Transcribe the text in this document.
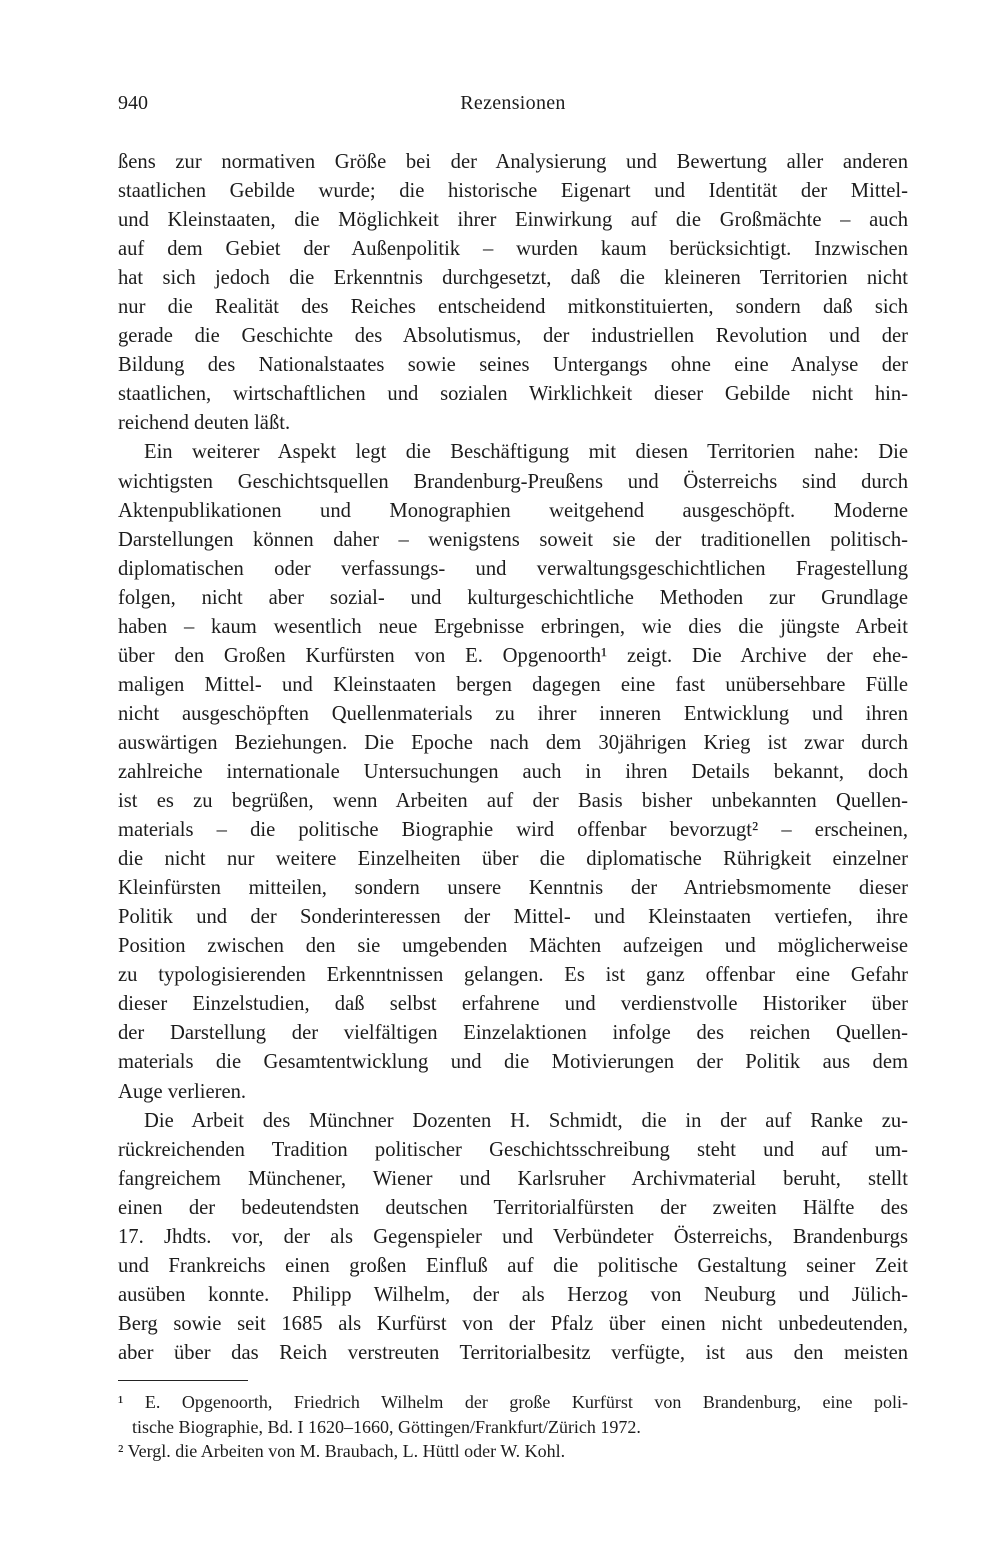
940	Rezensionen
ßens zur normativen Größe bei der Analysierung und Bewertung aller anderen
staatlichen Gebilde wurde; die historische Eigenart und Identität der Mittel-
und Kleinstaaten, die Möglichkeit ihrer Einwirkung auf die Großmächte – auch
auf dem Gebiet der Außenpolitik – wurden kaum berücksichtigt. Inzwischen
hat sich jedoch die Erkenntnis durchgesetzt, daß die kleineren Territorien nicht
nur die Realität des Reiches entscheidend mitkonstituierten, sondern daß sich
gerade die Geschichte des Absolutismus, der industriellen Revolution und der
Bildung des Nationalstaates sowie seines Untergangs ohne eine Analyse der
staatlichen, wirtschaftlichen und sozialen Wirklichkeit dieser Gebilde nicht hin-
reichend deuten läßt.
Ein weiterer Aspekt legt die Beschäftigung mit diesen Territorien nahe: Die
wichtigsten Geschichtsquellen Brandenburg-Preußens und Österreichs sind durch
Aktenpublikationen und Monographien weitgehend ausgeschöpft. Moderne
Darstellungen können daher – wenigstens soweit sie der traditionellen politisch-
diplomatischen oder verfassungs- und verwaltungsgeschichtlichen Fragestellung
folgen, nicht aber sozial- und kulturgeschichtliche Methoden zur Grundlage
haben – kaum wesentlich neue Ergebnisse erbringen, wie dies die jüngste Arbeit
über den Großen Kurfürsten von E. Opgenoorth¹ zeigt. Die Archive der ehe-
maligen Mittel- und Kleinstaaten bergen dagegen eine fast unübersehbare Fülle
nicht ausgeschöpften Quellenmaterials zu ihrer inneren Entwicklung und ihren
auswärtigen Beziehungen. Die Epoche nach dem 30jährigen Krieg ist zwar durch
zahlreiche internationale Untersuchungen auch in ihren Details bekannt, doch
ist es zu begrüßen, wenn Arbeiten auf der Basis bisher unbekannten Quellen-
materials – die politische Biographie wird offenbar bevorzugt² – erscheinen,
die nicht nur weitere Einzelheiten über die diplomatische Rührigkeit einzelner
Kleinfürsten mitteilen, sondern unsere Kenntnis der Antriebsmomente dieser
Politik und der Sonderinteressen der Mittel- und Kleinstaaten vertiefen, ihre
Position zwischen den sie umgebenden Mächten aufzeigen und möglicherweise
zu typologisierenden Erkenntnissen gelangen. Es ist ganz offenbar eine Gefahr
dieser Einzelstudien, daß selbst erfahrene und verdienstvolle Historiker über
der Darstellung der vielfältigen Einzelaktionen infolge des reichen Quellen-
materials die Gesamtentwicklung und die Motivierungen der Politik aus dem
Auge verlieren.
Die Arbeit des Münchner Dozenten H. Schmidt, die in der auf Ranke zu-
rückreichenden Tradition politischer Geschichtsschreibung steht und auf um-
fangreichem Münchener, Wiener und Karlsruher Archivmaterial beruht, stellt
einen der bedeutendsten deutschen Territorialfürsten der zweiten Hälfte des
17. Jhdts. vor, der als Gegenspieler und Verbündeter Österreichs, Brandenburgs
und Frankreichs einen großen Einfluß auf die politische Gestaltung seiner Zeit
ausüben konnte. Philipp Wilhelm, der als Herzog von Neuburg und Jülich-
Berg sowie seit 1685 als Kurfürst von der Pfalz über einen nicht unbedeutenden,
aber über das Reich verstreuten Territorialbesitz verfügte, ist aus den meisten
¹ E. Opgenoorth, Friedrich Wilhelm der große Kurfürst von Brandenburg, eine poli-
tische Biographie, Bd. I 1620–1660, Göttingen/Frankfurt/Zürich 1972.
² Vergl. die Arbeiten von M. Braubach, L. Hüttl oder W. Kohl.
